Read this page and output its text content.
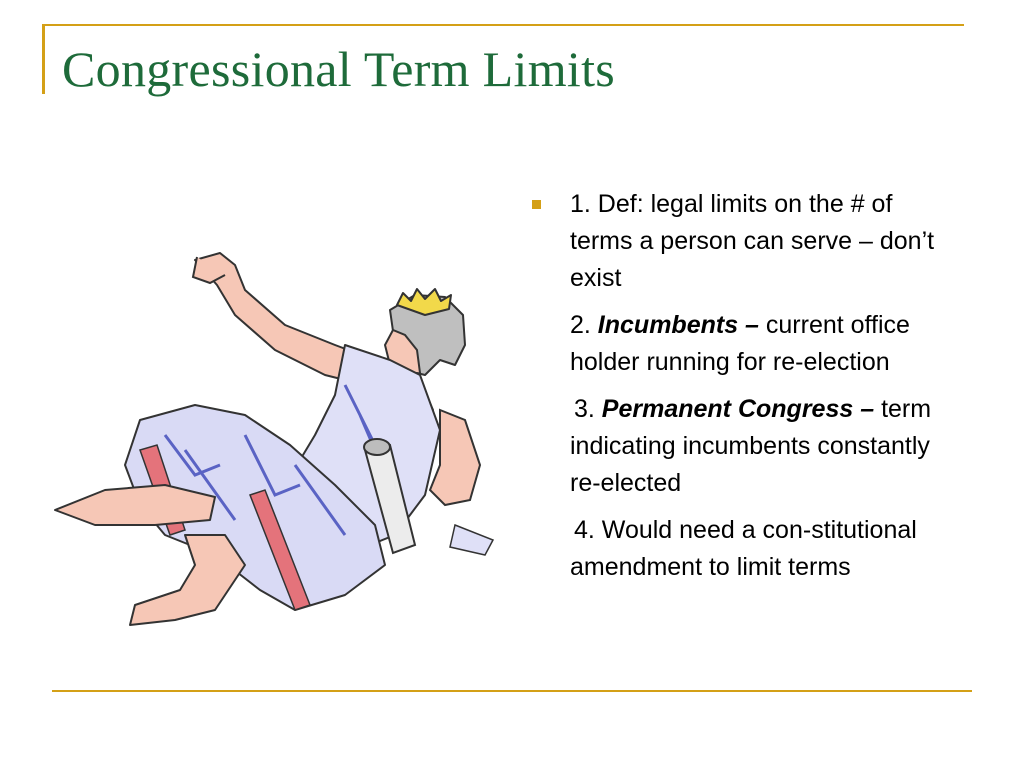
Congressional Term Limits
1. Def: legal limits on the # of terms a person can serve – don’t exist
2. Incumbents – current office holder running for re-election
3. Permanent Congress – term indicating incumbents constantly re-elected
4. Would need a con-stitutional amendment to limit terms
